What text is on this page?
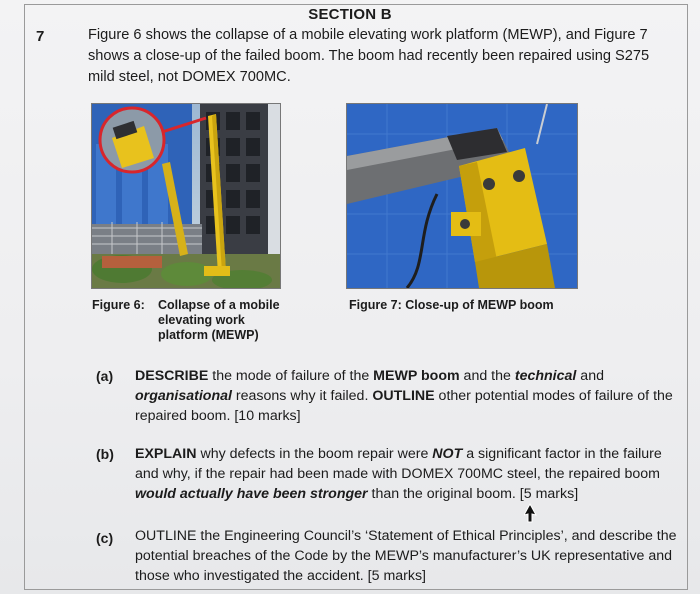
SECTION B
7	Figure 6 shows the collapse of a mobile elevating work platform (MEWP), and Figure 7 shows a close-up of the failed boom. The boom had recently been repaired using S275 mild steel, not DOMEX 700MC.

Figure 6: Collapse of a mobile elevating work platform (MEWP)

Figure 7: Close-up of MEWP boom

(a) DESCRIBE the mode of failure of the MEWP boom and the technical and organisational reasons why it failed. OUTLINE other potential modes of failure of the repaired boom. [10 marks]

(b) EXPLAIN why defects in the boom repair were NOT a significant factor in the failure and why, if the repair had been made with DOMEX 700MC steel, the repaired boom would actually have been stronger than the original boom. [5 marks]

(c) OUTLINE the Engineering Council’s ‘Statement of Ethical Principles’, and describe the potential breaches of the Code by the MEWP’s manufacturer’s UK representative and those who investigated the accident. [5 marks]
